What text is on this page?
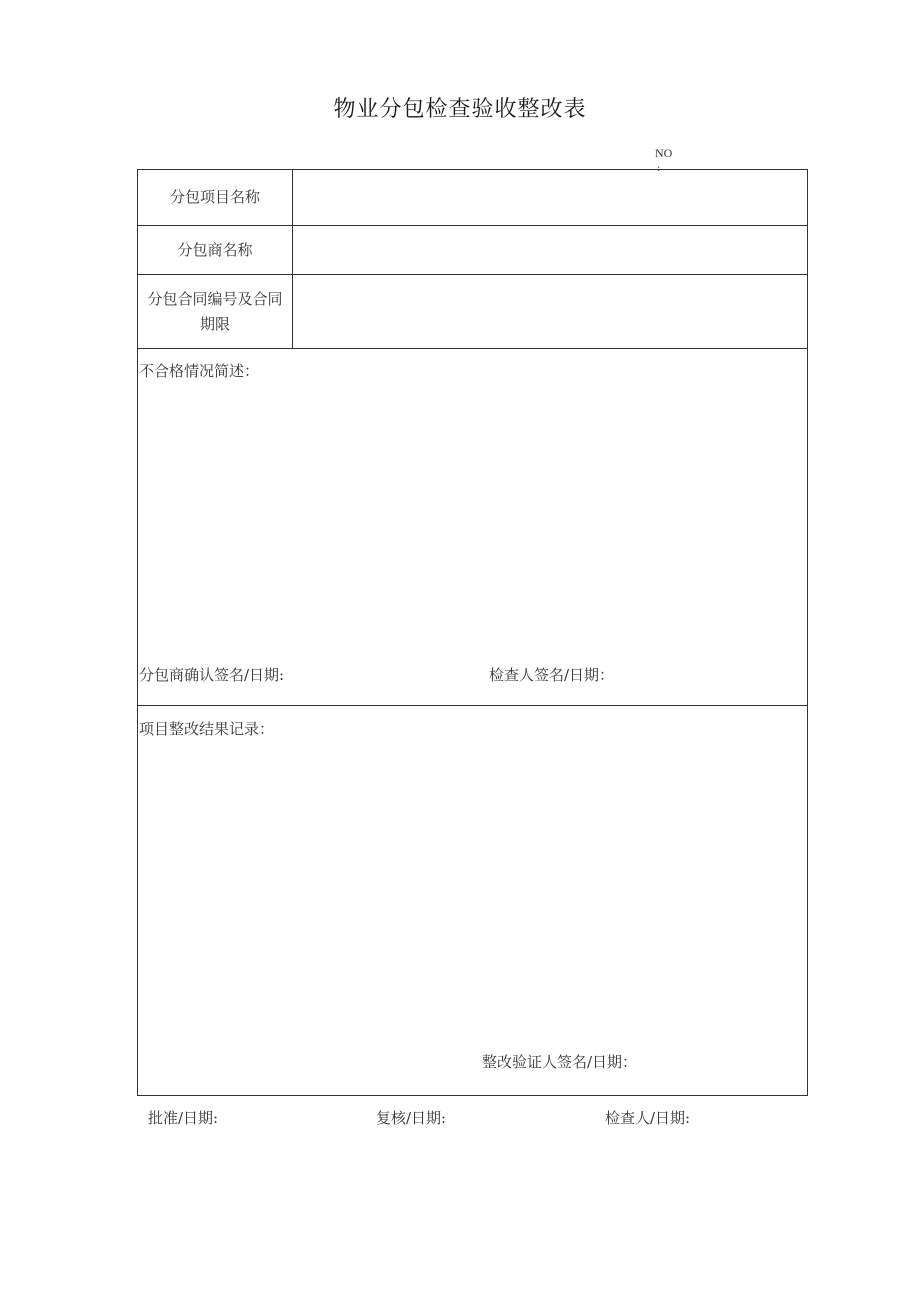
物业分包检查验收整改表
NO
:
分包项目名称
分包商名称
分包合同编号及合同期限
不合格情况简述：
分包商确认签名/日期:	检查人签名/日期：
项目整改结果记录：
整改验证人签名/日期：
批准/日期:	复核/日期:	检查人/日期:
